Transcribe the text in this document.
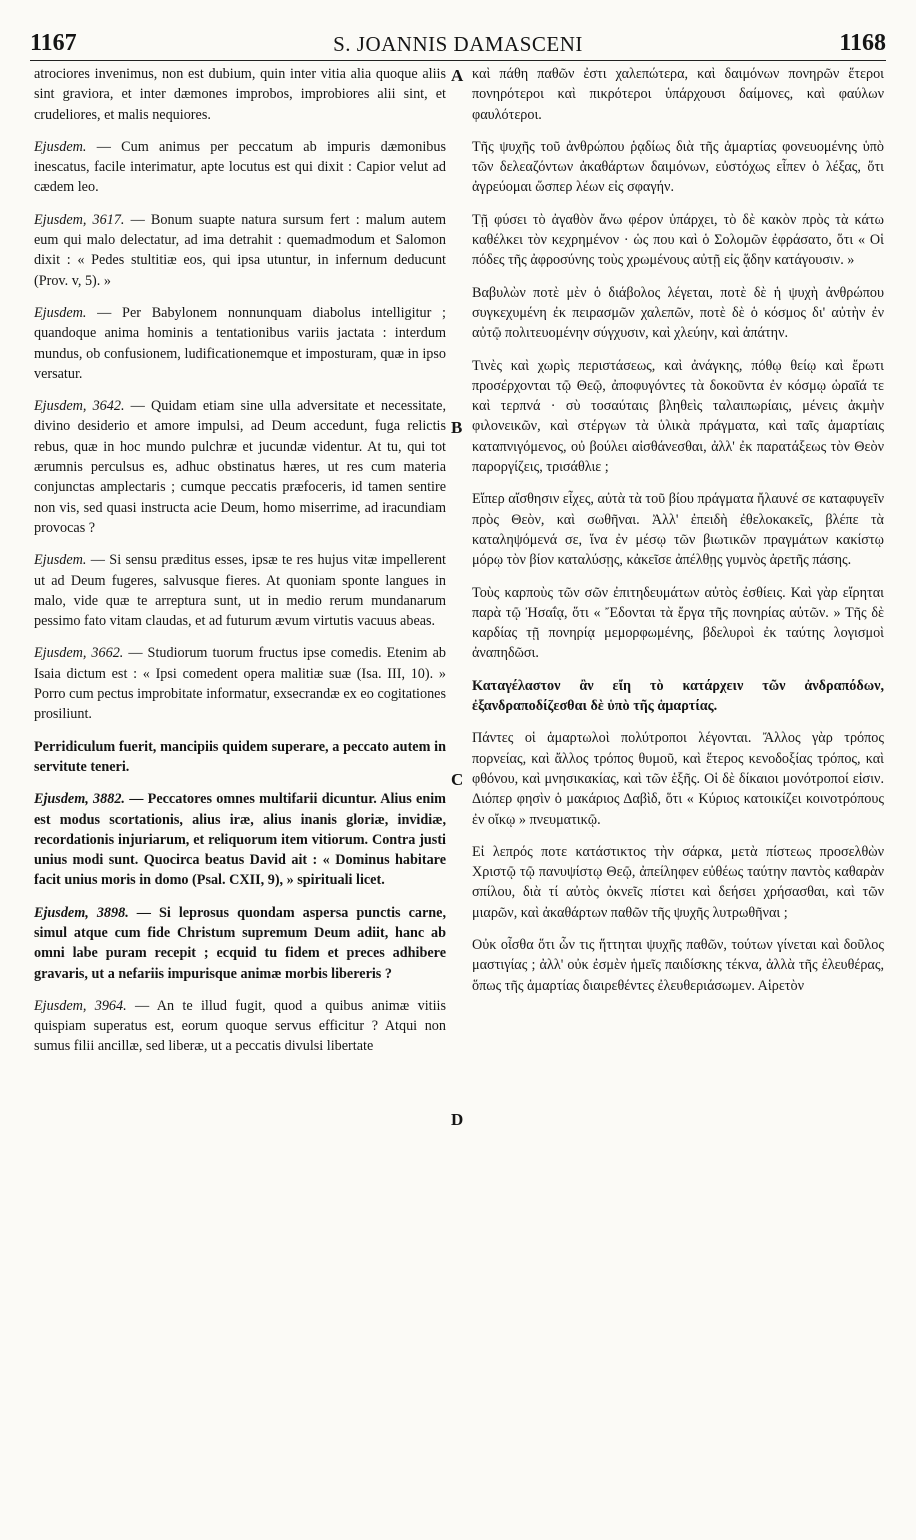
1167	S. JOANNIS DAMASCENI	1168
A
B
C
D

atrociores invenimus, non est dubium, quin inter vitia alia quoque aliis sint graviora, et inter dæmones improbos, improbiores alii sint, et crudeliores, et malis nequiores.

Ejusdem. — Cum animus per peccatum ab impuris dæmonibus inescatus, facile interimatur, apte locutus est qui dixit : Capior velut ad cædem leo.

Ejusdem, 3617. — Bonum suapte natura sursum fert : malum autem eum qui malo delectatur, ad ima detrahit : quemadmodum et Salomon dixit : « Pedes stultitiæ eos, qui ipsa utuntur, in infernum deducunt (Prov. v, 5). »

Ejusdem. — Per Babylonem nonnunquam diabolus intelligitur ; quandoque anima hominis a tentationibus variis jactata : interdum mundus, ob confusionem, ludificationemque et imposturam, quæ in ipso versatur.

Ejusdem, 3642. — Quidam etiam sine ulla adversitate et necessitate, divino desiderio et amore impulsi, ad Deum accedunt, fuga relictis rebus, quæ in hoc mundo pulchræ et jucundæ videntur. At tu, qui tot ærumnis perculsus es, adhuc obstinatus hæres, ut res cum materia conjunctas amplectaris ; cumque peccatis præfoceris, id tamen sentire non vis, sed quasi instructa acie Deum, homo miserrime, ad iracundiam provocas ?

Ejusdem. — Si sensu præditus esses, ipsæ te res hujus vitæ impellerent ut ad Deum fugeres, salvusque fieres. At quoniam sponte langues in malo, vide quæ te arreptura sunt, ut in medio rerum mundanarum pessimo fato vitam claudas, et ad futurum ævum virtutis vacuus abeas.

Ejusdem, 3662. — Studiorum tuorum fructus ipse comedis. Etenim ab Isaia dictum est : « Ipsi comedent opera malitiæ suæ (Isa. III, 10). » Porro cum pectus improbitate informatur, exsecrandæ ex eo cogitationes prosiliunt.

Perridiculum fuerit, mancipiis quidem superare, a peccato autem in servitute teneri.

Ejusdem, 3882. — Peccatores omnes multifarii dicuntur. Alius enim est modus scortationis, alius iræ, alius inanis gloriæ, invidiæ, recordationis injuriarum, et reliquorum item vitiorum. Contra justi unius modi sunt. Quocirca beatus David ait : « Dominus habitare facit unius moris in domo (Psal. CXII, 9), » spirituali licet.

Ejusdem, 3898. — Si leprosus quondam aspersa punctis carne, simul atque cum fide Christum supremum Deum adiit, hanc ab omni labe puram recepit ; ecquid tu fidem et preces adhibere gravaris, ut a nefariis impurisque animæ morbis libereris ?

Ejusdem, 3964. — An te illud fugit, quod a quibus animæ vitiis quispiam superatus est, eorum quoque servus efficitur ? Atqui non sumus filii ancillæ, sed liberæ, ut a peccatis divulsi libertate

καὶ πάθη παθῶν ἐστι χαλεπώτερα, καὶ δαιμόνων πονηρῶν ἕτεροι πονηρότεροι καὶ πικρότεροι ὑπάρχουσι δαίμονες, καὶ φαύλων φαυλότεροι.

Τῆς ψυχῆς τοῦ ἀνθρώπου ῥᾳδίως διὰ τῆς ἁμαρτίας φονευομένης ὑπὸ τῶν δελεαζόντων ἀκαθάρτων δαιμόνων, εὐστόχως εἶπεν ὁ λέξας, ὅτι ἀγρεύομαι ὥσπερ λέων εἰς σφαγήν.

Τῇ φύσει τὸ ἀγαθὸν ἄνω φέρον ὑπάρχει, τὸ δὲ κακὸν πρὸς τὰ κάτω καθέλκει τὸν κεχρημένον · ὡς που καὶ ὁ Σολομῶν ἐφράσατο, ὅτι « Οἱ πόδες τῆς ἀφροσύνης τοὺς χρωμένους αὐτῇ εἰς ᾅδην κατάγουσιν. »

Βαβυλὼν ποτὲ μὲν ὁ διάβολος λέγεται, ποτὲ δὲ ἡ ψυχὴ ἀνθρώπου συγκεχυμένη ἐκ πειρασμῶν χαλεπῶν, ποτὲ δὲ ὁ κόσμος δι' αὐτὴν ἐν αὐτῷ πολιτευομένην σύγχυσιν, καὶ χλεύην, καὶ ἀπάτην.

Τινὲς καὶ χωρὶς περιστάσεως, καὶ ἀνάγκης, πόθῳ θείῳ καὶ ἔρωτι προσέρχονται τῷ Θεῷ, ἀποφυγόντες τὰ δοκοῦντα ἐν κόσμῳ ὡραῖά τε καὶ τερπνά · σὺ τοσαύταις βληθεὶς ταλαιπωρίαις, μένεις ἀκμὴν φιλονεικῶν, καὶ στέργων τὰ ὑλικὰ πράγματα, καὶ ταῖς ἁμαρτίαις καταπνιγόμενος, οὐ βούλει αἰσθάνεσθαι, ἀλλ' ἐκ παρατάξεως τὸν Θεὸν παροργίζεις, τρισάθλιε ;

Εἴπερ αἴσθησιν εἶχες, αὐτὰ τὰ τοῦ βίου πράγματα ἤλαυνέ σε καταφυγεῖν πρὸς Θεὸν, καὶ σωθῆναι. Ἀλλ' ἐπειδὴ ἐθελοκακεῖς, βλέπε τὰ καταληψόμενά σε, ἵνα ἐν μέσῳ τῶν βιωτικῶν πραγμάτων κακίστῳ μόρῳ τὸν βίον καταλύσῃς, κἀκεῖσε ἀπέλθῃς γυμνὸς ἀρετῆς πάσης.

Τοὺς καρποὺς τῶν σῶν ἐπιτηδευμάτων αὐτὸς ἐσθίεις. Καὶ γὰρ εἴρηται παρὰ τῷ Ἠσαΐᾳ, ὅτι « Ἔδονται τὰ ἔργα τῆς πονηρίας αὐτῶν. » Τῆς δὲ καρδίας τῇ πονηρίᾳ μεμορφωμένης, βδελυροὶ ἐκ ταύτης λογισμοὶ ἀναπηδῶσι.

Καταγέλαστον ἂν εἴη τὸ κατάρχειν τῶν ἀνδραπόδων, ἐξανδραποδίζεσθαι δὲ ὑπὸ τῆς ἁμαρτίας.

Πάντες οἱ ἁμαρτωλοὶ πολύτροποι λέγονται. Ἄλλος γὰρ τρόπος πορνείας, καὶ ἄλλος τρόπος θυμοῦ, καὶ ἕτερος κενοδοξίας τρόπος, καὶ φθόνου, καὶ μνησικακίας, καὶ τῶν ἑξῆς. Οἱ δὲ δίκαιοι μονότροποί εἰσιν. Διόπερ φησὶν ὁ μακάριος Δαβὶδ, ὅτι « Κύριος κατοικίζει κοινοτρόπους ἐν οἴκῳ » πνευματικῷ.

Εἰ λεπρός ποτε κατάστικτος τὴν σάρκα, μετὰ πίστεως προσελθὼν Χριστῷ τῷ πανυψίστῳ Θεῷ, ἀπείληφεν εὐθέως ταύτην παντὸς καθαρὰν σπίλου, διὰ τί αὐτὸς ὀκνεῖς πίστει καὶ δεήσει χρήσασθαι, καὶ τῶν μιαρῶν, καὶ ἀκαθάρτων παθῶν τῆς ψυχῆς λυτρωθῆναι ;

Οὐκ οἶσθα ὅτι ὧν τις ἥττηται ψυχῆς παθῶν, τούτων γίνεται καὶ δοῦλος μαστιγίας ; ἀλλ' οὐκ ἐσμὲν ἡμεῖς παιδίσκης τέκνα, ἀλλὰ τῆς ἐλευθέρας, ὅπως τῆς ἁμαρτίας διαιρεθέντες ἐλευθεριάσωμεν. Αἱρετὸν
